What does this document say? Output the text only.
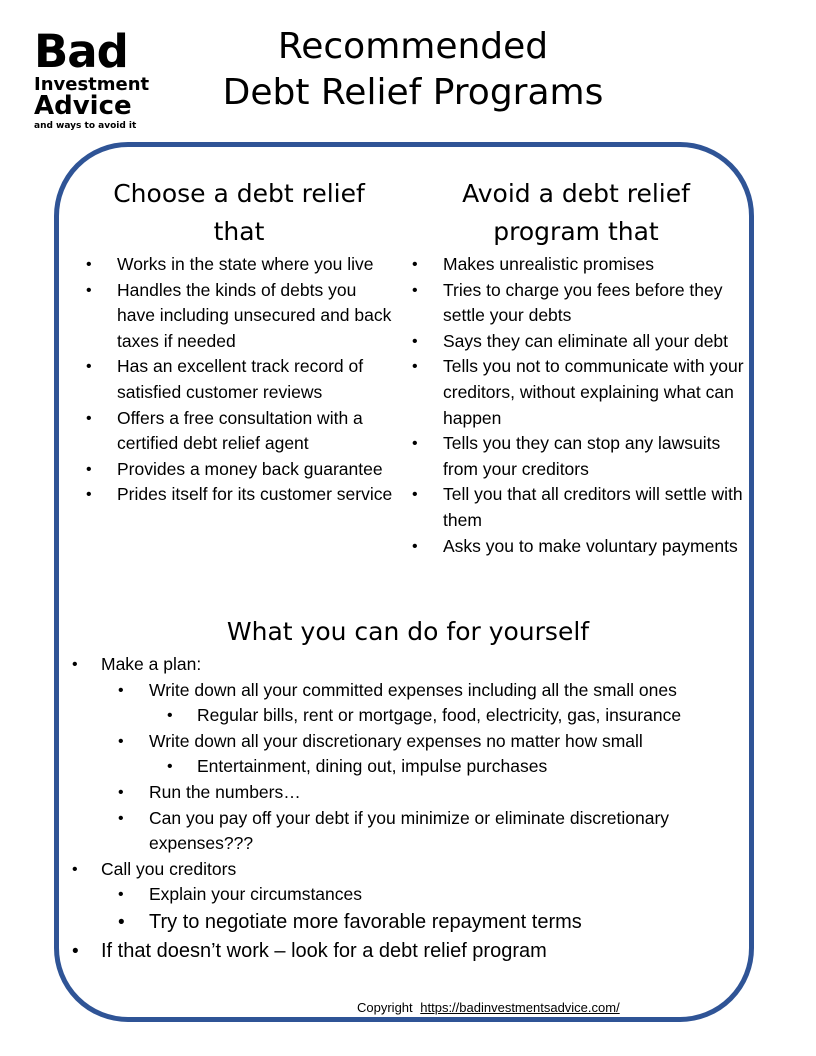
Bad
Investment
Advice
and ways to avoid it
Recommended
Debt Relief Programs
Choose a debt relief that
• Works in the state where you live
• Handles the kinds of debts you have including unsecured and back taxes if needed
• Has an excellent track record of satisfied customer reviews
• Offers a free consultation with a certified debt relief agent
• Provides a money back guarantee
• Prides itself for its customer service
Avoid a debt relief program that
• Makes unrealistic promises
• Tries to charge you fees before they settle your debts
• Says they can eliminate all your debt
• Tells you not to communicate with your creditors, without explaining what can happen
• Tells you they can stop any lawsuits from your creditors
• Tell you that all creditors will settle with them
• Asks you to make voluntary payments
What you can do for yourself
• Make a plan:
• Write down all your committed expenses including all the small ones
• Regular bills, rent or mortgage, food, electricity, gas, insurance
• Write down all your discretionary expenses no matter how small
• Entertainment, dining out, impulse purchases
• Run the numbers…
• Can you pay off your debt if you minimize or eliminate discretionary expenses???
• Call you creditors
• Explain your circumstances
• Try to negotiate more favorable repayment terms
• If that doesn’t work – look for a debt relief program
Copyright https://badinvestmentsadvice.com/
